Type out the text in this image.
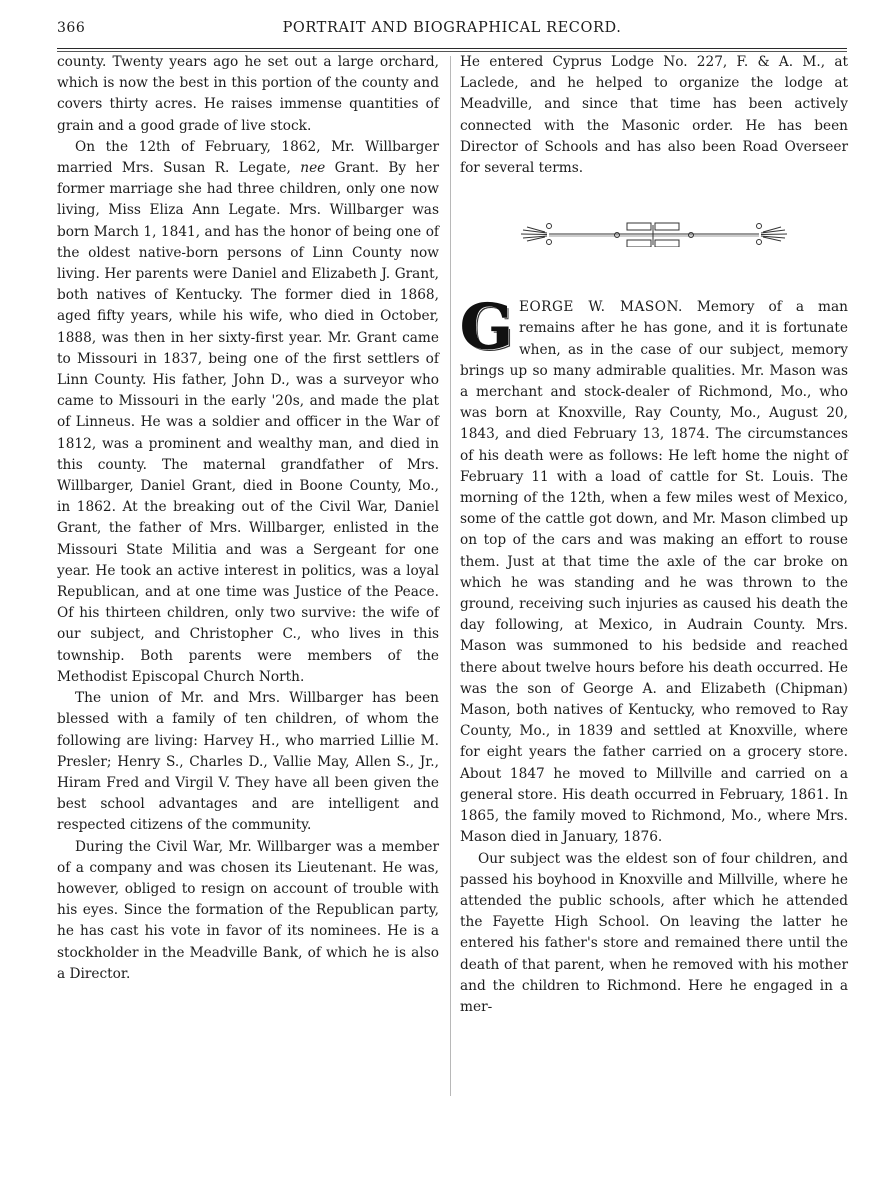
366	PORTRAIT AND BIOGRAPHICAL RECORD.

county. Twenty years ago he set out a large orchard, which is now the best in this portion of the county and covers thirty acres. He raises immense quantities of grain and a good grade of live stock.

On the 12th of February, 1862, Mr. Willbarger married Mrs. Susan R. Legate, nee Grant. By her former marriage she had three children, only one now living, Miss Eliza Ann Legate. Mrs. Willbarger was born March 1, 1841, and has the honor of being one of the oldest native-born persons of Linn County now living. Her parents were Daniel and Elizabeth J. Grant, both natives of Kentucky. The former died in 1868, aged fifty years, while his wife, who died in October, 1888, was then in her sixty-first year. Mr. Grant came to Missouri in 1837, being one of the first settlers of Linn County. His father, John D., was a surveyor who came to Missouri in the early '20s, and made the plat of Linneus. He was a soldier and officer in the War of 1812, was a prominent and wealthy man, and died in this county. The maternal grandfather of Mrs. Willbarger, Daniel Grant, died in Boone County, Mo., in 1862. At the breaking out of the Civil War, Daniel Grant, the father of Mrs. Willbarger, enlisted in the Missouri State Militia and was a Sergeant for one year. He took an active interest in politics, was a loyal Republican, and at one time was Justice of the Peace. Of his thirteen children, only two survive: the wife of our subject, and Christopher C., who lives in this township. Both parents were members of the Methodist Episcopal Church North.

The union of Mr. and Mrs. Willbarger has been blessed with a family of ten children, of whom the following are living: Harvey H., who married Lillie M. Presler; Henry S., Charles D., Vallie May, Allen S., Jr., Hiram Fred and Virgil V. They have all been given the best school advantages and are intelligent and respected citizens of the community.

During the Civil War, Mr. Willbarger was a member of a company and was chosen its Lieutenant. He was, however, obliged to resign on account of trouble with his eyes. Since the formation of the Republican party, he has cast his vote in favor of its nominees. He is a stockholder in the Meadville Bank, of which he is also a Director.

He entered Cyprus Lodge No. 227, F. & A. M., at Laclede, and he helped to organize the lodge at Meadville, and since that time has been actively connected with the Masonic order. He has been Director of Schools and has also been Road Overseer for several terms.

GEORGE W. MASON. Memory of a man remains after he has gone, and it is fortunate when, as in the case of our subject, memory brings up so many admirable qualities. Mr. Mason was a merchant and stock-dealer of Richmond, Mo., who was born at Knoxville, Ray County, Mo., August 20, 1843, and died February 13, 1874. The circumstances of his death were as follows: He left home the night of February 11 with a load of cattle for St. Louis. The morning of the 12th, when a few miles west of Mexico, some of the cattle got down, and Mr. Mason climbed up on top of the cars and was making an effort to rouse them. Just at that time the axle of the car broke on which he was standing and he was thrown to the ground, receiving such injuries as caused his death the day following, at Mexico, in Audrain County. Mrs. Mason was summoned to his bedside and reached there about twelve hours before his death occurred. He was the son of George A. and Elizabeth (Chipman) Mason, both natives of Kentucky, who removed to Ray County, Mo., in 1839 and settled at Knoxville, where for eight years the father carried on a grocery store. About 1847 he moved to Millville and carried on a general store. His death occurred in February, 1861. In 1865, the family moved to Richmond, Mo., where Mrs. Mason died in January, 1876.

Our subject was the eldest son of four children, and passed his boyhood in Knoxville and Millville, where he attended the public schools, after which he attended the Fayette High School. On leaving the latter he entered his father's store and remained there until the death of that parent, when he removed with his mother and the children to Richmond. Here he engaged in a mer-
